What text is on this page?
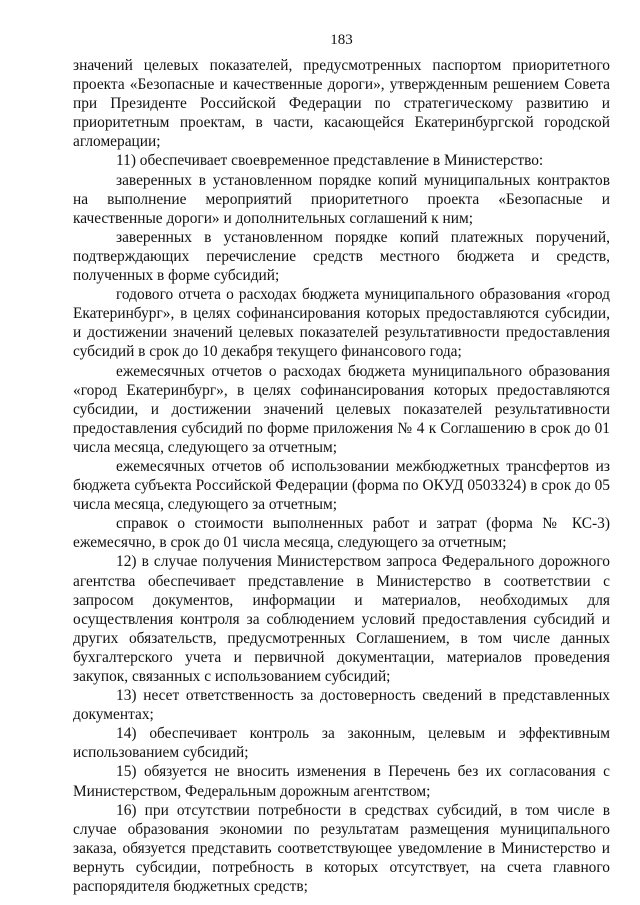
183

значений целевых показателей, предусмотренных паспортом приоритетного проекта «Безопасные и качественные дороги», утвержденным решением Совета при Президенте Российской Федерации по стратегическому развитию и приоритетным проектам, в части, касающейся Екатеринбургской городской агломерации;

11) обеспечивает своевременное представление в Министерство:

заверенных в установленном порядке копий муниципальных контрактов на выполнение мероприятий приоритетного проекта «Безопасные и качественные дороги» и дополнительных соглашений к ним;

заверенных в установленном порядке копий платежных поручений, подтверждающих перечисление средств местного бюджета и средств, полученных в форме субсидий;

годового отчета о расходах бюджета муниципального образования «город Екатеринбург», в целях софинансирования которых предоставляются субсидии, и достижении значений целевых показателей результативности предоставления субсидий в срок до 10 декабря текущего финансового года;

ежемесячных отчетов о расходах бюджета муниципального образования «город Екатеринбург», в целях софинансирования которых предоставляются субсидии, и достижении значений целевых показателей результативности предоставления субсидий по форме приложения № 4 к Соглашению в срок до 01 числа месяца, следующего за отчетным;

ежемесячных отчетов об использовании межбюджетных трансфертов из бюджета субъекта Российской Федерации (форма по ОКУД 0503324) в срок до 05 числа месяца, следующего за отчетным;

справок о стоимости выполненных работ и затрат (форма № КС-3) ежемесячно, в срок до 01 числа месяца, следующего за отчетным;

12) в случае получения Министерством запроса Федерального дорожного агентства обеспечивает представление в Министерство в соответствии с запросом документов, информации и материалов, необходимых для осуществления контроля за соблюдением условий предоставления субсидий и других обязательств, предусмотренных Соглашением, в том числе данных бухгалтерского учета и первичной документации, материалов проведения закупок, связанных с использованием субсидий;

13) несет ответственность за достоверность сведений в представленных документах;

14) обеспечивает контроль за законным, целевым и эффективным использованием субсидий;

15) обязуется не вносить изменения в Перечень без их согласования с Министерством, Федеральным дорожным агентством;

16) при отсутствии потребности в средствах субсидий, в том числе в случае образования экономии по результатам размещения муниципального заказа, обязуется представить соответствующее уведомление в Министерство и вернуть субсидии, потребность в которых отсутствует, на счета главного распорядителя бюджетных средств;
